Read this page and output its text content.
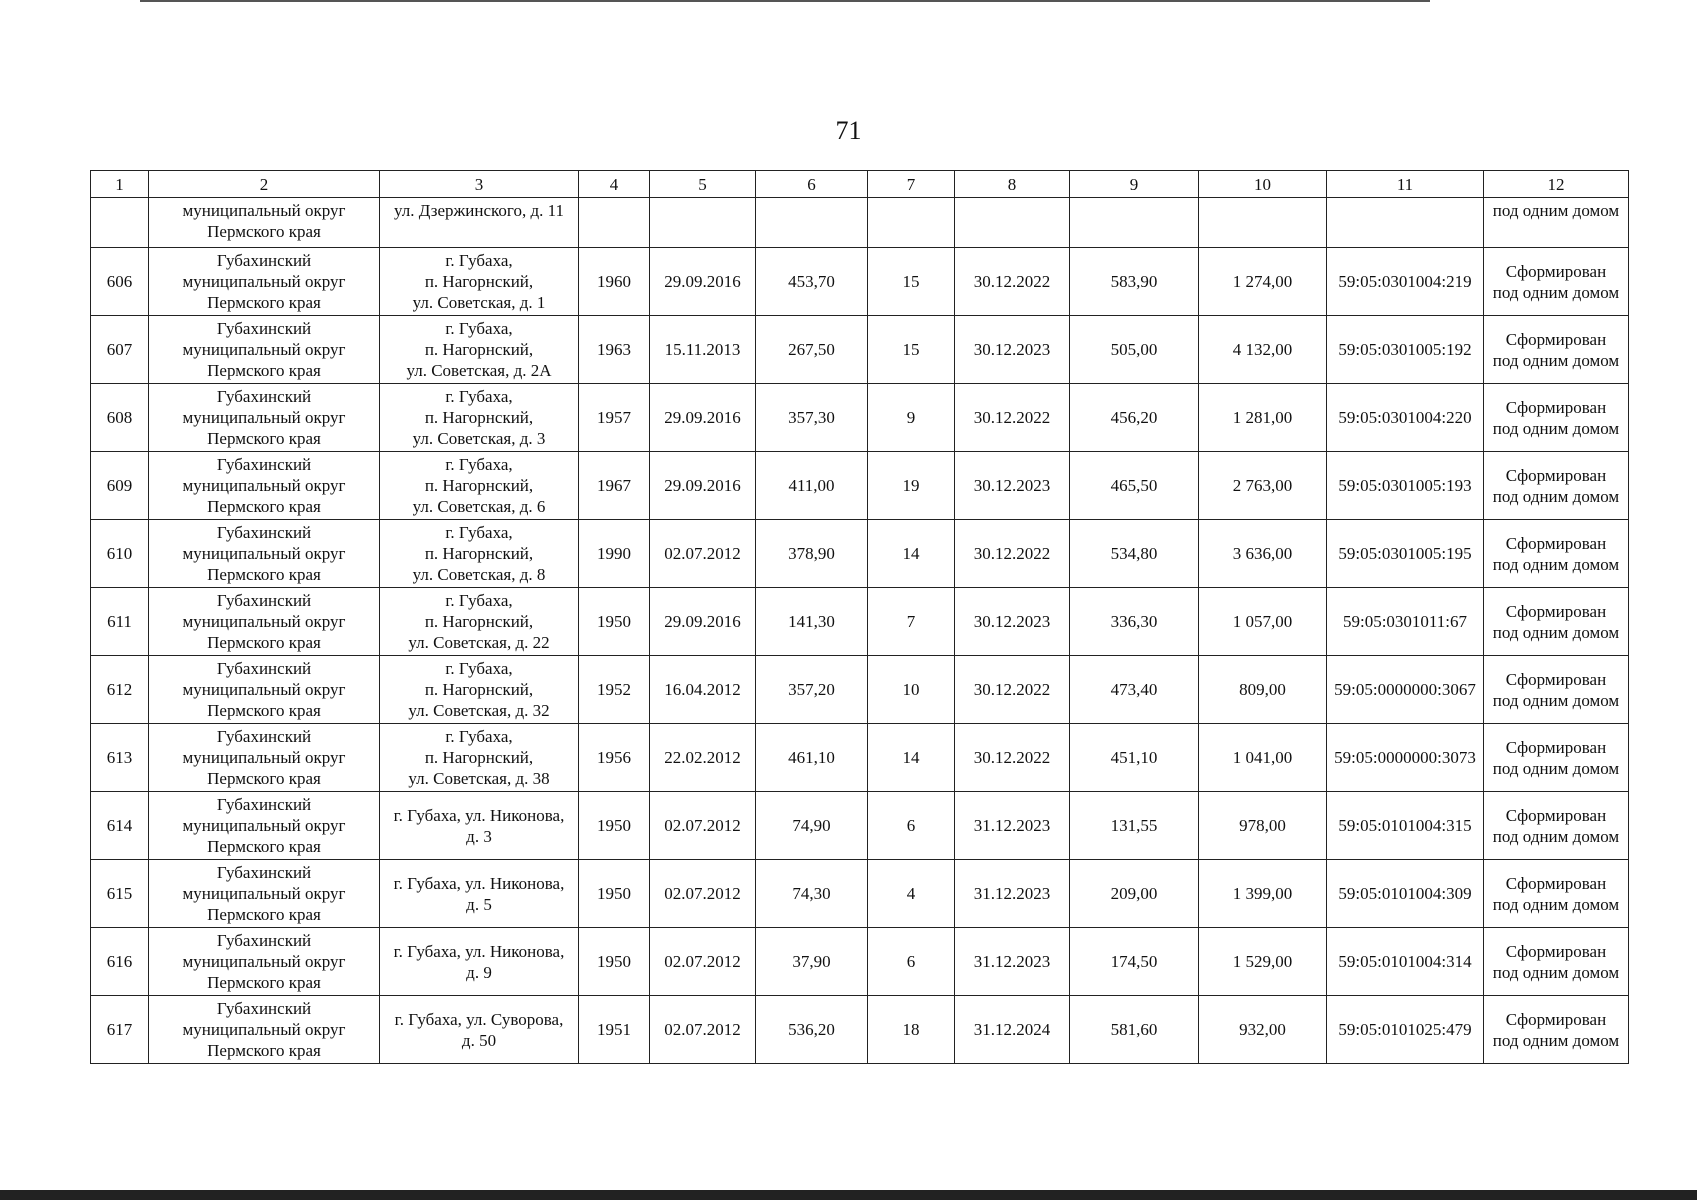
71
1	2	3	4	5	6	7	8	9	10	11	12

	муниципальный округ
Пермского края	ул. Дзержинского, д. 11									под одним домом

606	Губахинский
муниципальный округ
Пермского края	г. Губаха,
п. Нагорнский,
ул. Советская, д. 1	1960	29.09.2016	453,70	15	30.12.2022	583,90	1 274,00	59:05:0301004:219	Сформирован
под одним домом

607	Губахинский
муниципальный округ
Пермского края	г. Губаха,
п. Нагорнский,
ул. Советская, д. 2А	1963	15.11.2013	267,50	15	30.12.2023	505,00	4 132,00	59:05:0301005:192	Сформирован
под одним домом

608	Губахинский
муниципальный округ
Пермского края	г. Губаха,
п. Нагорнский,
ул. Советская, д. 3	1957	29.09.2016	357,30	9	30.12.2022	456,20	1 281,00	59:05:0301004:220	Сформирован
под одним домом

609	Губахинский
муниципальный округ
Пермского края	г. Губаха,
п. Нагорнский,
ул. Советская, д. 6	1967	29.09.2016	411,00	19	30.12.2023	465,50	2 763,00	59:05:0301005:193	Сформирован
под одним домом

610	Губахинский
муниципальный округ
Пермского края	г. Губаха,
п. Нагорнский,
ул. Советская, д. 8	1990	02.07.2012	378,90	14	30.12.2022	534,80	3 636,00	59:05:0301005:195	Сформирован
под одним домом

611	Губахинский
муниципальный округ
Пермского края	г. Губаха,
п. Нагорнский,
ул. Советская, д. 22	1950	29.09.2016	141,30	7	30.12.2023	336,30	1 057,00	59:05:0301011:67	Сформирован
под одним домом

612	Губахинский
муниципальный округ
Пермского края	г. Губаха,
п. Нагорнский,
ул. Советская, д. 32	1952	16.04.2012	357,20	10	30.12.2022	473,40	809,00	59:05:0000000:3067	Сформирован
под одним домом

613	Губахинский
муниципальный округ
Пермского края	г. Губаха,
п. Нагорнский,
ул. Советская, д. 38	1956	22.02.2012	461,10	14	30.12.2022	451,10	1 041,00	59:05:0000000:3073	Сформирован
под одним домом

614	Губахинский
муниципальный округ
Пермского края	г. Губаха, ул. Никонова,
д. 3	1950	02.07.2012	74,90	6	31.12.2023	131,55	978,00	59:05:0101004:315	Сформирован
под одним домом

615	Губахинский
муниципальный округ
Пермского края	г. Губаха, ул. Никонова,
д. 5	1950	02.07.2012	74,30	4	31.12.2023	209,00	1 399,00	59:05:0101004:309	Сформирован
под одним домом

616	Губахинский
муниципальный округ
Пермского края	г. Губаха, ул. Никонова,
д. 9	1950	02.07.2012	37,90	6	31.12.2023	174,50	1 529,00	59:05:0101004:314	Сформирован
под одним домом

617	Губахинский
муниципальный округ
Пермского края	г. Губаха, ул. Суворова,
д. 50	1951	02.07.2012	536,20	18	31.12.2024	581,60	932,00	59:05:0101025:479	Сформирован
под одним домом
